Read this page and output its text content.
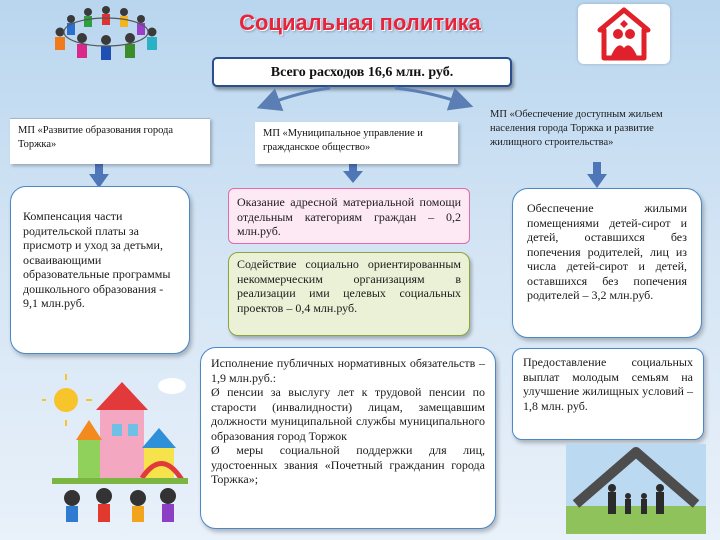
Социальная политика
Всего расходов 16,6 млн. руб.
МП «Развитие образования города Торжка»
МП «Муниципальное управление и гражданское общество»
МП «Обеспечение доступным жильем населения города Торжка и развитие жилищного строительства»
Компенсация части родительской платы за присмотр и уход за детьми, осваивающими образовательные программы дошкольного образования - 9,1 млн.руб.
Оказание адресной материальной помощи отдельным категориям граждан – 0,2 млн.руб.
Содействие социально ориентированным некоммерческим организациям в реализации ими целевых социальных проектов – 0,4 млн.руб.

Исполнение публичных нормативных обязательств – 1,9 млн.руб.:

Ø пенсии за выслугу лет к трудовой пенсии по старости (инвалидности) лицам, замещавшим должности муниципальной службы муниципального образования город Торжок

Ø меры социальной поддержки для лиц, удостоенных звания «Почетный гражданин города Торжка»;

Обеспечение жилыми помещениями детей-сирот и детей, оставшихся без попечения родителей, лиц из числа детей-сирот и детей, оставшихся без попечения родителей – 3,2 млн.руб.
Предоставление социальных выплат молодым семьям на улучшение жилищных условий –1,8 млн. руб.
